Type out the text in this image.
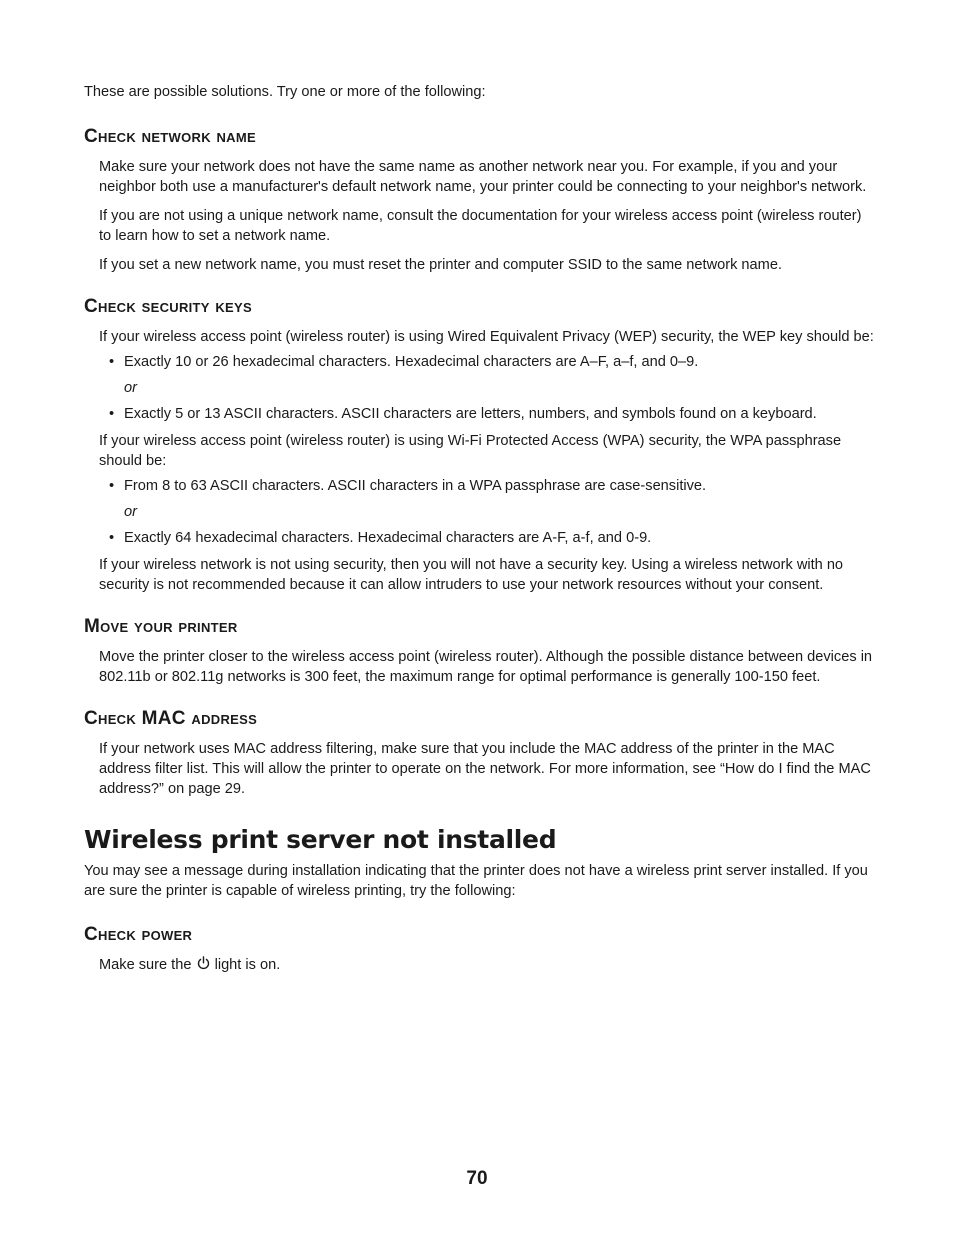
These are possible solutions. Try one or more of the following:

Check network name

Make sure your network does not have the same name as another network near you. For example, if you and your neighbor both use a manufacturer's default network name, your printer could be connecting to your neighbor's network.

If you are not using a unique network name, consult the documentation for your wireless access point (wireless router) to learn how to set a network name.

If you set a new network name, you must reset the printer and computer SSID to the same network name.

Check security keys

If your wireless access point (wireless router) is using Wired Equivalent Privacy (WEP) security, the WEP key should be:

• Exactly 10 or 26 hexadecimal characters. Hexadecimal characters are A–F, a–f, and 0–9.
or
• Exactly 5 or 13 ASCII characters. ASCII characters are letters, numbers, and symbols found on a keyboard.

If your wireless access point (wireless router) is using Wi-Fi Protected Access (WPA) security, the WPA passphrase should be:

• From 8 to 63 ASCII characters. ASCII characters in a WPA passphrase are case-sensitive.
or
• Exactly 64 hexadecimal characters. Hexadecimal characters are A-F, a-f, and 0-9.

If your wireless network is not using security, then you will not have a security key. Using a wireless network with no security is not recommended because it can allow intruders to use your network resources without your consent.

Move your printer

Move the printer closer to the wireless access point (wireless router). Although the possible distance between devices in 802.11b or 802.11g networks is 300 feet, the maximum range for optimal performance is generally 100-150 feet.

Check MAC address

If your network uses MAC address filtering, make sure that you include the MAC address of the printer in the MAC address filter list. This will allow the printer to operate on the network. For more information, see “How do I find the MAC address?” on page 29.

Wireless print server not installed

You may see a message during installation indicating that the printer does not have a wireless print server installed. If you are sure the printer is capable of wireless printing, try the following:

Check power

Make sure the  light is on.

70
